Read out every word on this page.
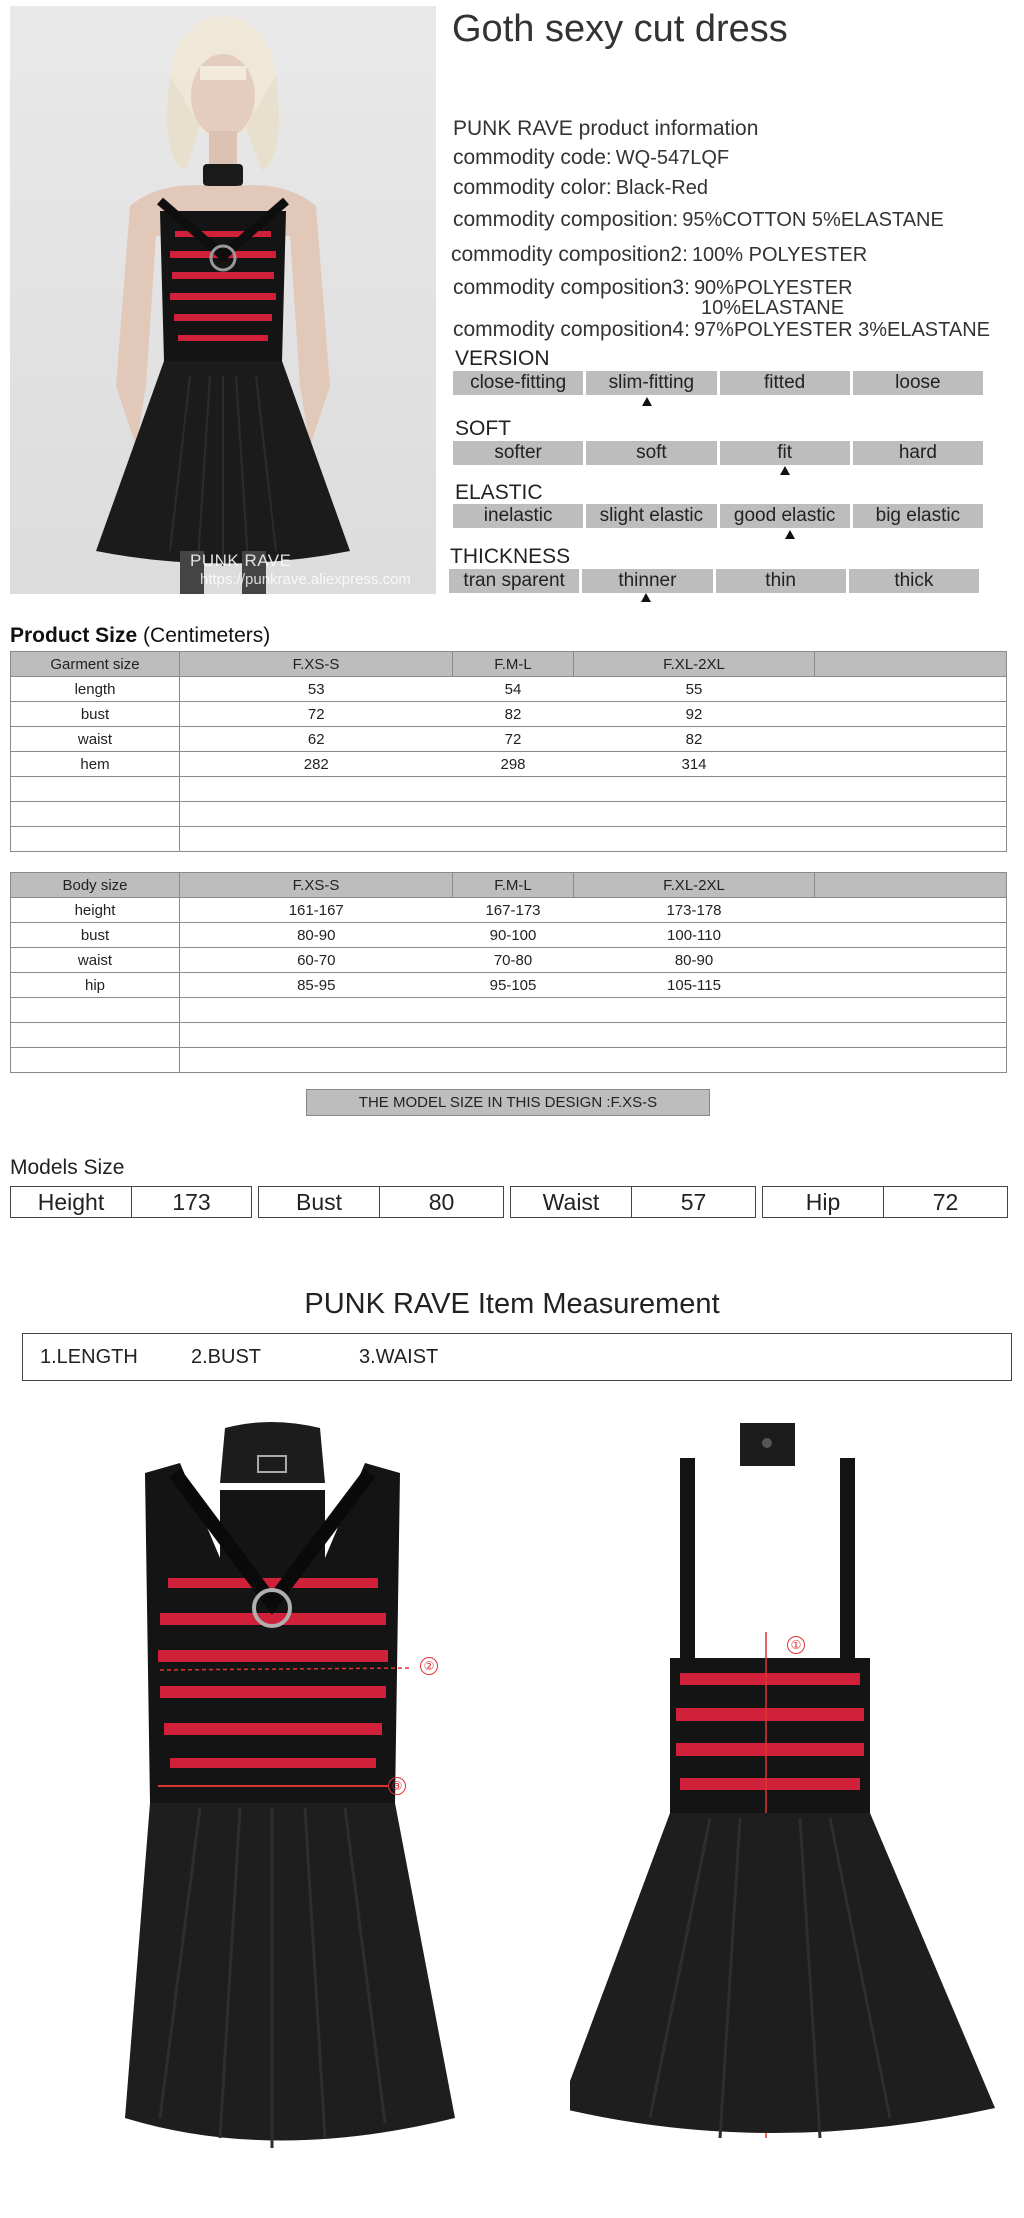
PUNK RAVE
https://punkrave.aliexpress.com
Goth sexy cut dress
PUNK RAVE product information
commodity code: WQ-547LQF
commodity color: Black-Red
commodity composition: 95%COTTON 5%ELASTANE
commodity composition2: 100% POLYESTER
commodity composition3: 90%POLYESTER
10%ELASTANE
commodity composition4: 97%POLYESTER 3%ELASTANE
VERSION
close-fitting	slim-fitting	fitted	loose
SOFT
softer	soft	fit	hard
ELASTIC
inelastic	slight elastic	good elastic	big elastic
THICKNESS
tran sparent	thinner	thin	thick
Product Size (Centimeters)
Garment size	F.XS-S	F.M-L	F.XL-2XL	
length	53	54	55	
bust	72	82	92	
waist	62	72	82	
hem	282	298	314	

Body size	F.XS-S	F.M-L	F.XL-2XL	
height	161-167	167-173	173-178	
bust	80-90	90-100	100-110	
waist	60-70	70-80	80-90	
hip	85-95	95-105	105-115	

THE MODEL SIZE IN THIS DESIGN :F.XS-S
Models Size
Height	173	Bust	80	Waist	57	Hip	72
PUNK RAVE Item Measurement
1.LENGTH	2.BUST	3.WAIST
②
③
①
